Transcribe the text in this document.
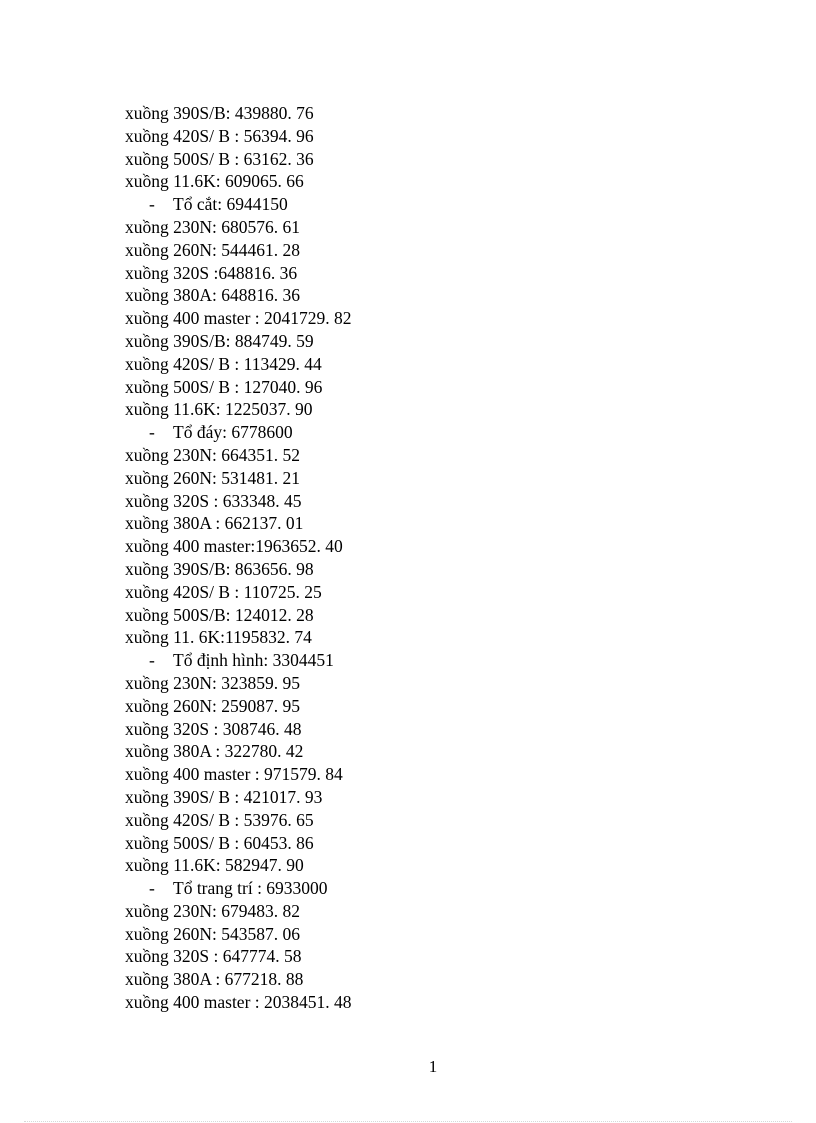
xuồng 390S/B: 439880. 76
xuồng 420S/ B : 56394. 96
xuồng 500S/ B : 63162. 36
xuồng 11.6K: 609065. 66
- Tổ cắt: 6944150
xuồng 230N: 680576. 61
xuồng 260N: 544461. 28
xuồng 320S :648816. 36
xuồng 380A: 648816. 36
xuồng 400 master : 2041729. 82
xuồng 390S/B: 884749. 59
xuồng 420S/ B : 113429. 44
xuồng 500S/ B : 127040. 96
xuồng 11.6K: 1225037. 90
- Tổ đáy: 6778600
xuồng 230N: 664351. 52
xuồng 260N: 531481. 21
xuồng 320S : 633348. 45
xuồng 380A : 662137. 01
xuồng 400 master:1963652. 40
xuồng 390S/B: 863656. 98
xuồng 420S/ B : 110725. 25
xuồng 500S/B: 124012. 28
xuồng 11. 6K:1195832. 74
- Tổ định hình: 3304451
xuồng 230N: 323859. 95
xuồng 260N: 259087. 95
xuồng 320S : 308746. 48
xuồng 380A : 322780. 42
xuồng 400 master : 971579. 84
xuồng 390S/ B : 421017. 93
xuồng 420S/ B : 53976. 65
xuồng 500S/ B : 60453. 86
xuồng 11.6K: 582947. 90
- Tổ trang trí : 6933000
xuồng 230N: 679483. 82
xuồng 260N: 543587. 06
xuồng 320S : 647774. 58
xuồng 380A : 677218. 88
xuồng 400 master : 2038451. 48
1
